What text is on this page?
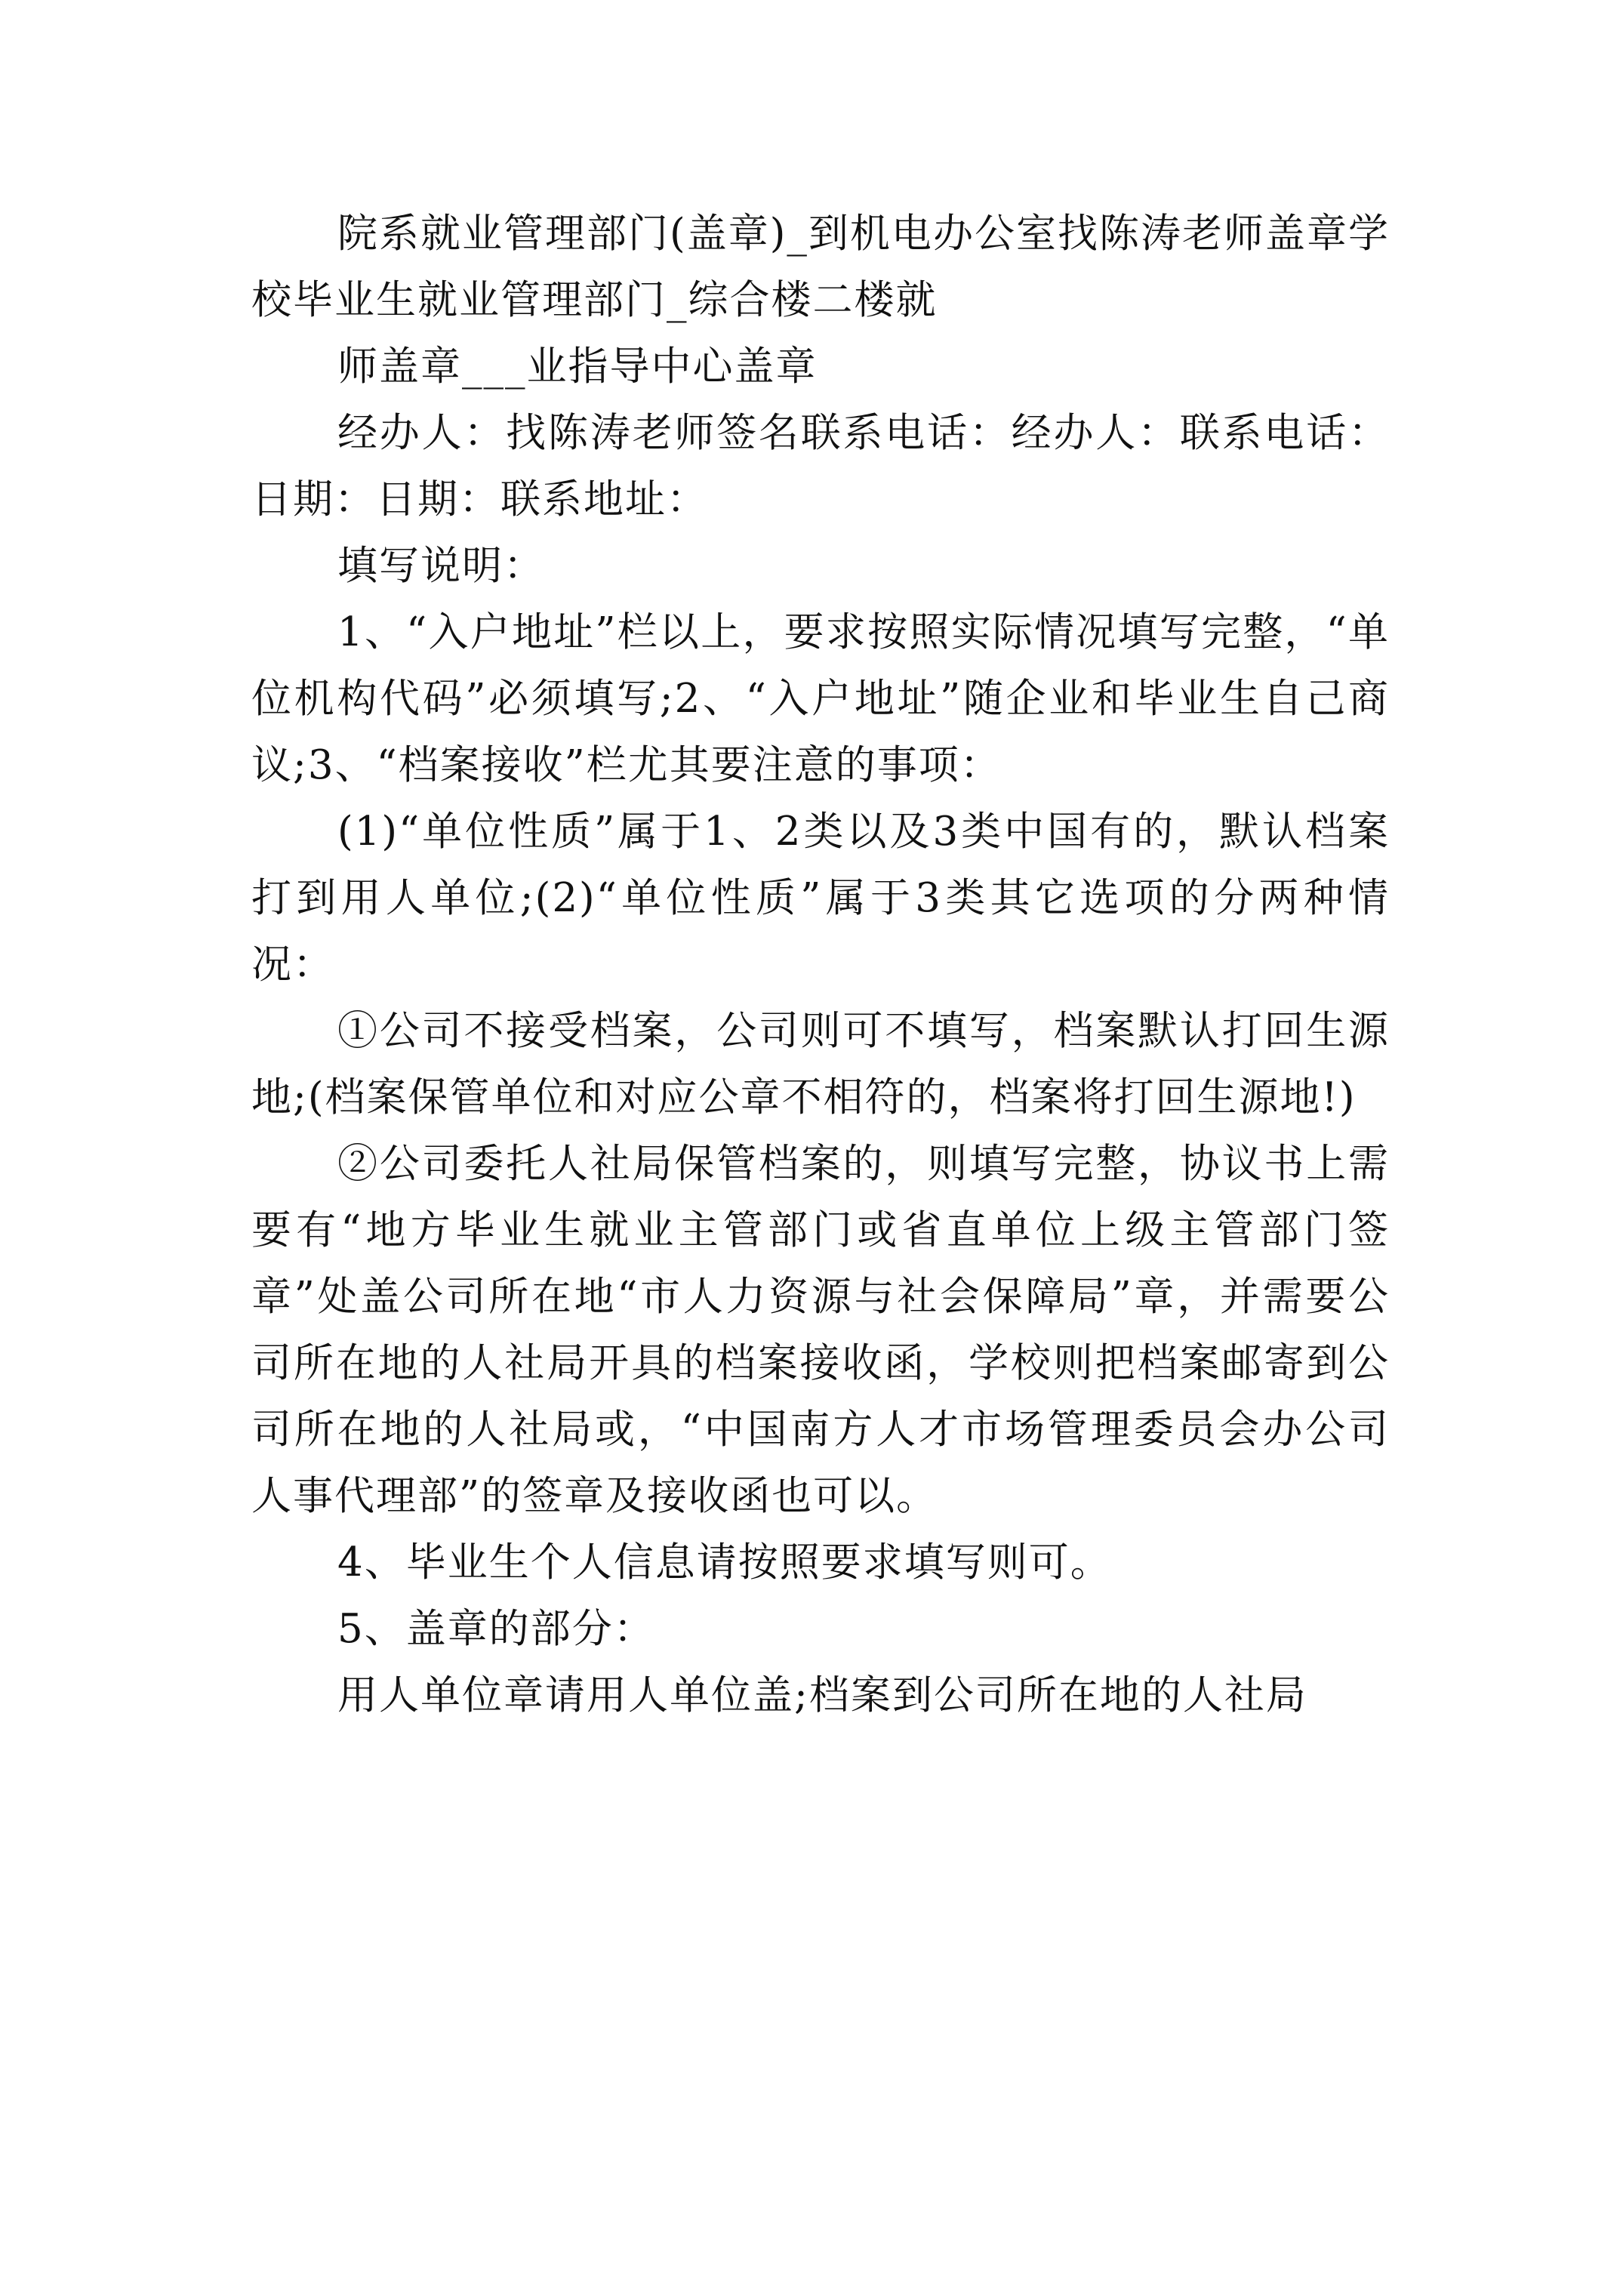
院系就业管理部门(盖章)_到机电办公室找陈涛老师盖章学校毕业生就业管理部门_综合楼二楼就

师盖章___业指导中心盖章

经办人：找陈涛老师签名联系电话：经办人：联系电话：日期：日期：联系地址：

填写说明：

1、“入户地址”栏以上，要求按照实际情况填写完整，“单位机构代码”必须填写;2、“入户地址”随企业和毕业生自己商议;3、“档案接收”栏尤其要注意的事项：

(1)“单位性质”属于1、2类以及3类中国有的，默认档案打到用人单位;(2)“单位性质”属于3类其它选项的分两种情况：

①公司不接受档案，公司则可不填写，档案默认打回生源地;(档案保管单位和对应公章不相符的，档案将打回生源地!)

②公司委托人社局保管档案的，则填写完整，协议书上需要有“地方毕业生就业主管部门或省直单位上级主管部门签章”处盖公司所在地“市人力资源与社会保障局”章，并需要公司所在地的人社局开具的档案接收函，学校则把档案邮寄到公司所在地的人社局或，“中国南方人才市场管理委员会办公司人事代理部”的签章及接收函也可以。

4、毕业生个人信息请按照要求填写则可。

5、盖章的部分：

用人单位章请用人单位盖;档案到公司所在地的人社局
